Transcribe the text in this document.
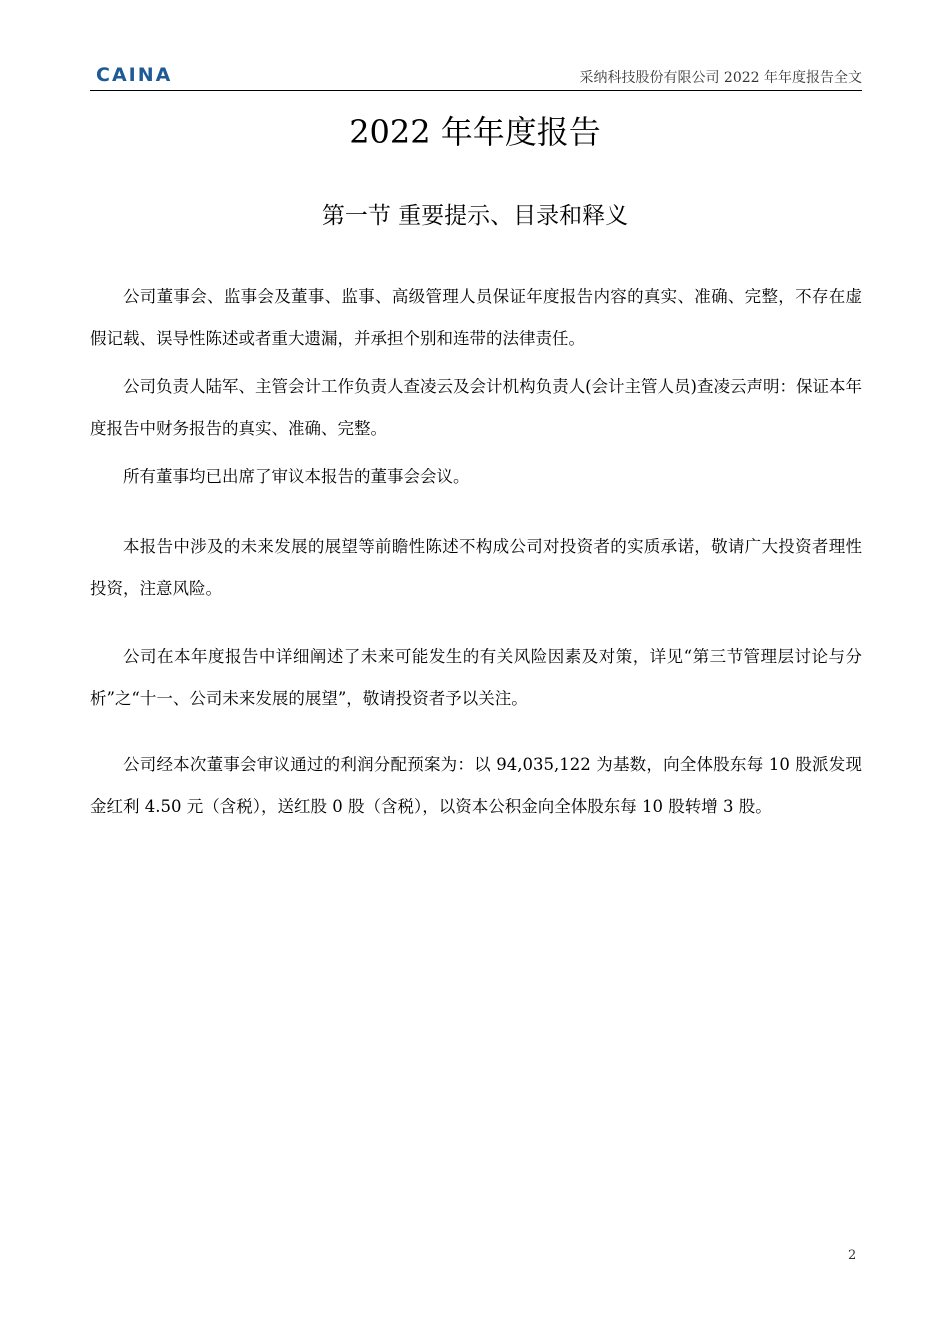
CAINA	采纳科技股份有限公司 2022 年年度报告全文
2022 年年度报告
第一节 重要提示、目录和释义

公司董事会、监事会及董事、监事、高级管理人员保证年度报告内容的真实、准确、完整，不存在虚假记载、误导性陈述或者重大遗漏，并承担个别和连带的法律责任。

公司负责人陆军、主管会计工作负责人查凌云及会计机构负责人(会计主管人员)查凌云声明：保证本年度报告中财务报告的真实、准确、完整。

所有董事均已出席了审议本报告的董事会会议。

本报告中涉及的未来发展的展望等前瞻性陈述不构成公司对投资者的实质承诺，敬请广大投资者理性投资，注意风险。

公司在本年度报告中详细阐述了未来可能发生的有关风险因素及对策，详见“第三节管理层讨论与分析”之“十一、公司未来发展的展望”，敬请投资者予以关注。

公司经本次董事会审议通过的利润分配预案为：以 94,035,122 为基数，向全体股东每 10 股派发现金红利 4.50 元（含税），送红股 0 股（含税），以资本公积金向全体股东每 10 股转增 3 股。

2
